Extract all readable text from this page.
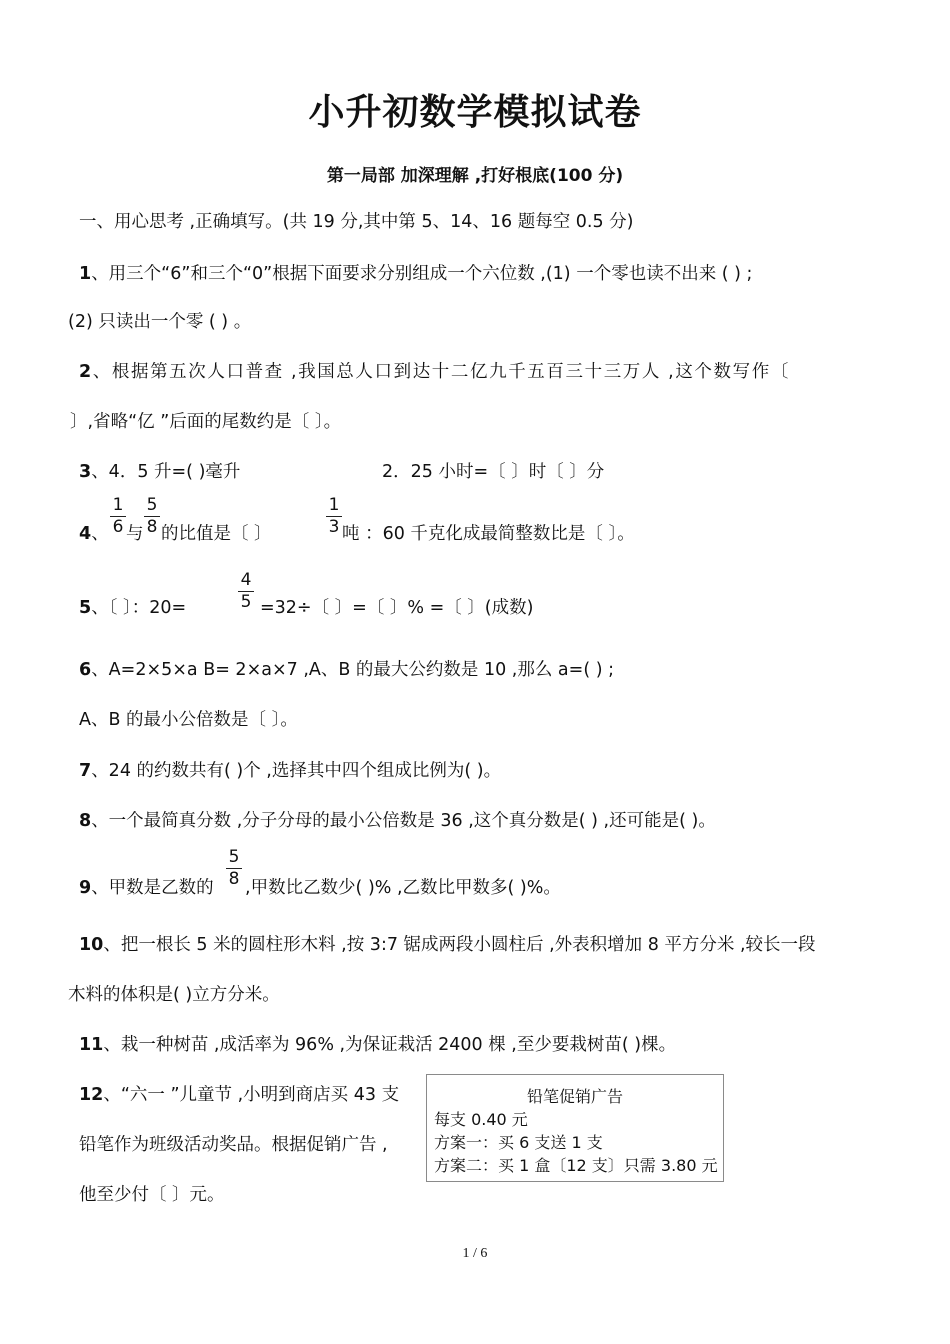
小升初数学模拟试卷
第一局部 加深理解 ,打好根底(100 分)
一、用心思考 ,正确填写。(共 19 分,其中第 5、14、16 题每空 0.5 分)
1、用三个“6”和三个“0”根据下面要求分别组成一个六位数 ,(1) 一个零也读不出来 ( ) ;
(2) 只读出一个零 ( ) 。
2、根据第五次人口普查 ,我国总人口到达十二亿九千五百三十三万人 ,这个数写作〔
〕,省略“亿 ”后面的尾数约是〔 〕。
3、4．5 升=( )毫升	2．25 小时=〔 〕时〔 〕分
4、
1
6 与
5
8 的比值是〔 〕
1
3 吨 ：60 千克化成最简整数比是〔 〕。
5、〔 〕：20=
4
5 =32÷〔 〕=〔 〕% =〔 〕(成数)
6、A=2×5×a B= 2×a×7 ,A、B 的最大公约数是 10 ,那么 a=( ) ;
A、B 的最小公倍数是〔 〕。
7、24 的约数共有( )个 ,选择其中四个组成比例为( )。
8、一个最简真分数 ,分子分母的最小公倍数是 36 ,这个真分数是( ) ,还可能是( )。
9、甲数是乙数的
5
8 ,甲数比乙数少( )% ,乙数比甲数多( )%。
10、把一根长 5 米的圆柱形木料 ,按 3:7 锯成两段小圆柱后 ,外表积增加 8 平方分米 ,较长一段
木料的体积是( )立方分米。
11、栽一种树苗 ,成活率为 96% ,为保证栽活 2400 棵 ,至少要栽树苗( )棵。
12、“六一 ”儿童节 ,小明到商店买 43 支
铅笔作为班级活动奖品。根据促销广告 ,
他至少付〔 〕元。
铅笔促销广告
每支 0.40 元
方案一：买 6 支送 1 支
方案二：买 1 盒〔12 支〕只需 3.80 元
1 / 6
